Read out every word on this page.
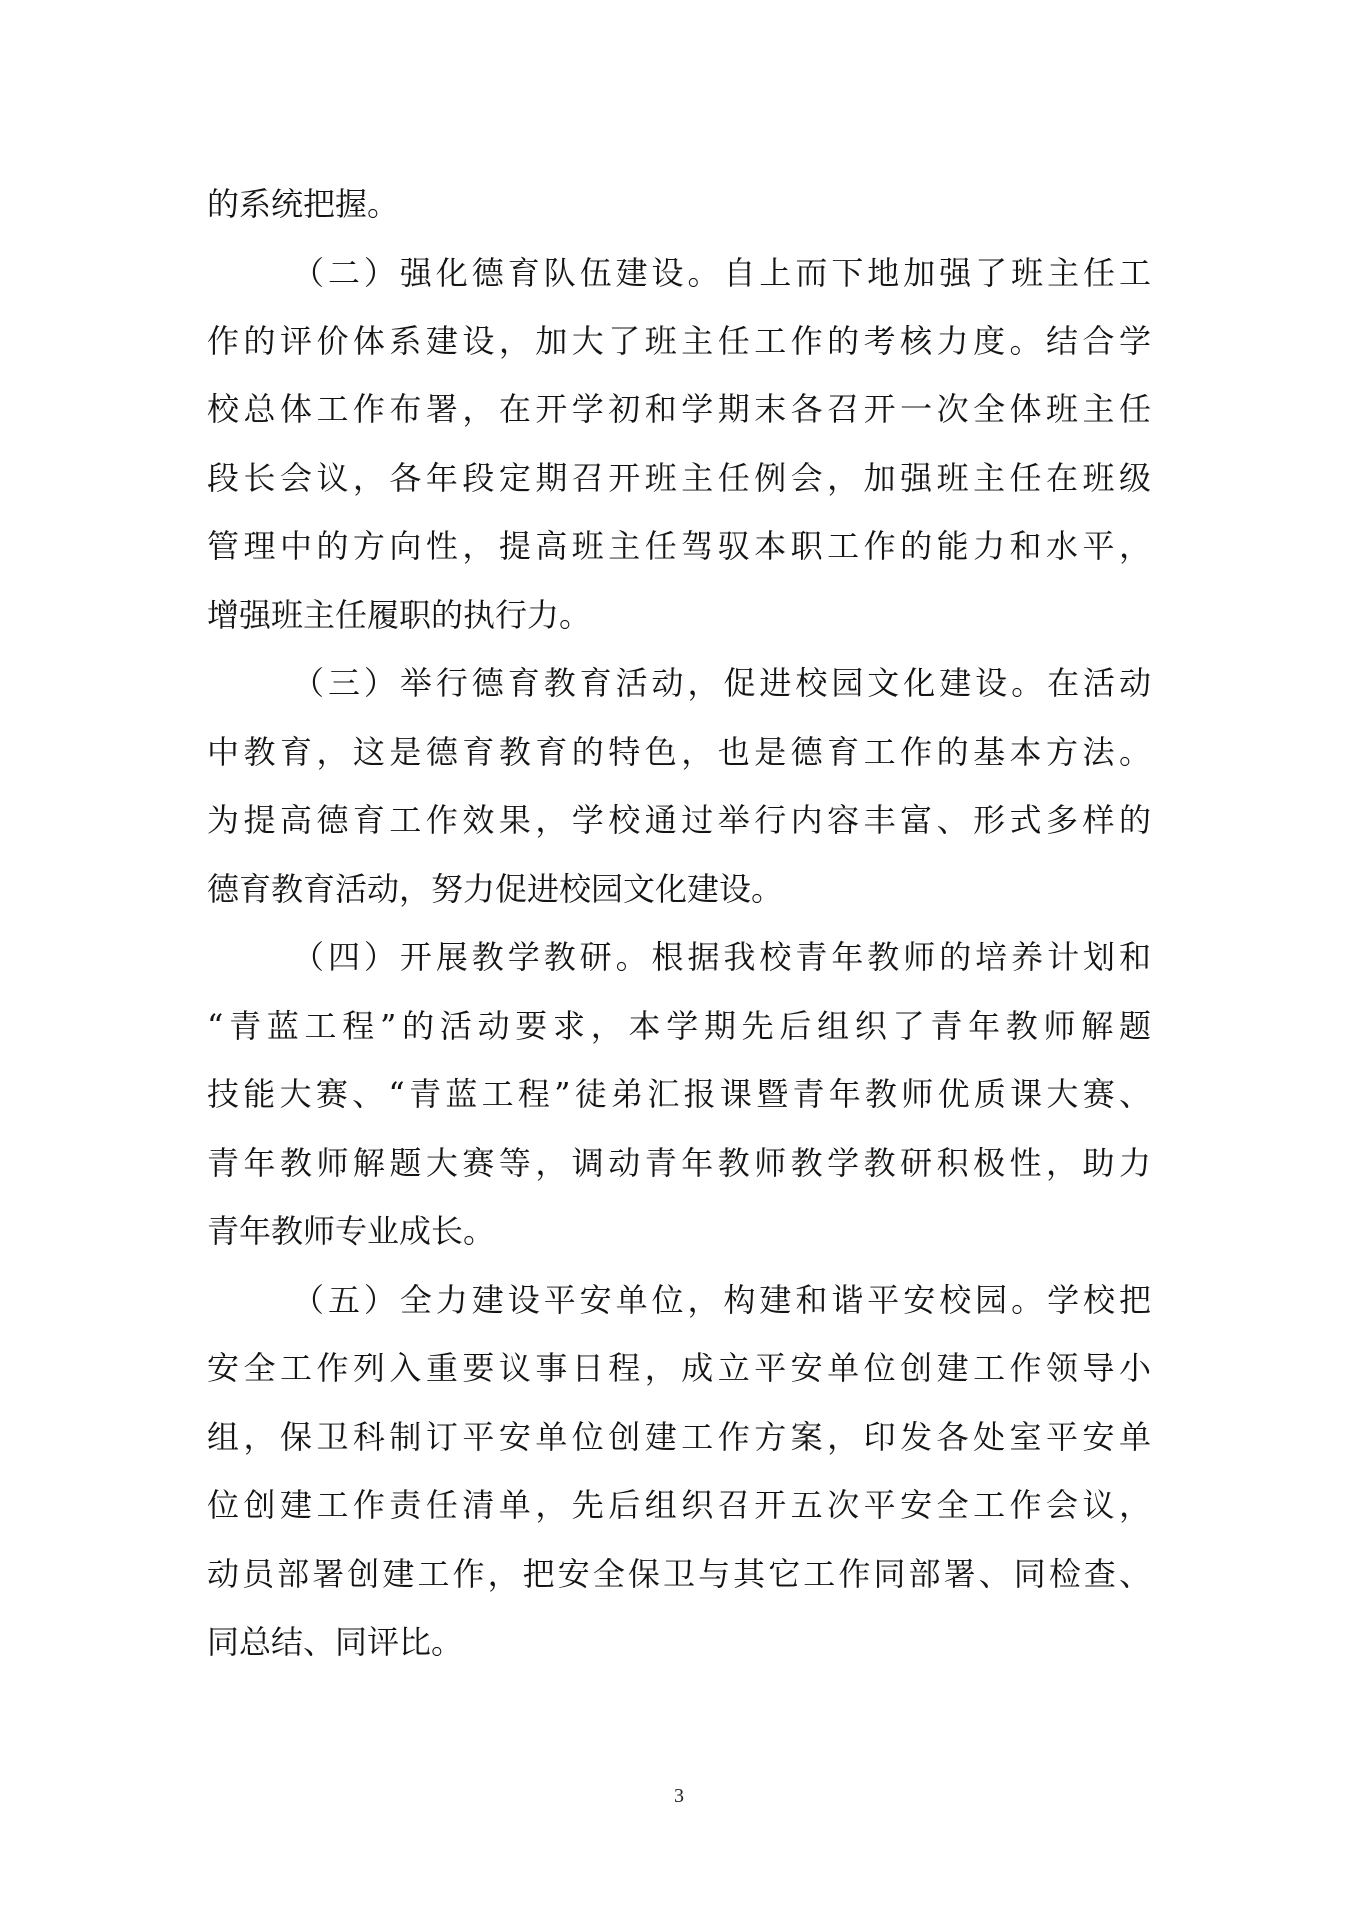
的系统把握。
（二）强化德育队伍建设。自上而下地加强了班主任工
作的评价体系建设，加大了班主任工作的考核力度。结合学
校总体工作布署，在开学初和学期末各召开一次全体班主任
段长会议，各年段定期召开班主任例会，加强班主任在班级
管理中的方向性，提高班主任驾驭本职工作的能力和水平，
增强班主任履职的执行力。
（三）举行德育教育活动，促进校园文化建设。在活动
中教育，这是德育教育的特色，也是德育工作的基本方法。
为提高德育工作效果，学校通过举行内容丰富、形式多样的
德育教育活动，努力促进校园文化建设。
（四）开展教学教研。根据我校青年教师的培养计划和
“青蓝工程”的活动要求，本学期先后组织了青年教师解题
技能大赛、“青蓝工程”徒弟汇报课暨青年教师优质课大赛、
青年教师解题大赛等，调动青年教师教学教研积极性，助力
青年教师专业成长。
（五）全力建设平安单位，构建和谐平安校园。学校把
安全工作列入重要议事日程，成立平安单位创建工作领导小
组，保卫科制订平安单位创建工作方案，印发各处室平安单
位创建工作责任清单，先后组织召开五次平安全工作会议，
动员部署创建工作，把安全保卫与其它工作同部署、同检查、
同总结、同评比。
3
